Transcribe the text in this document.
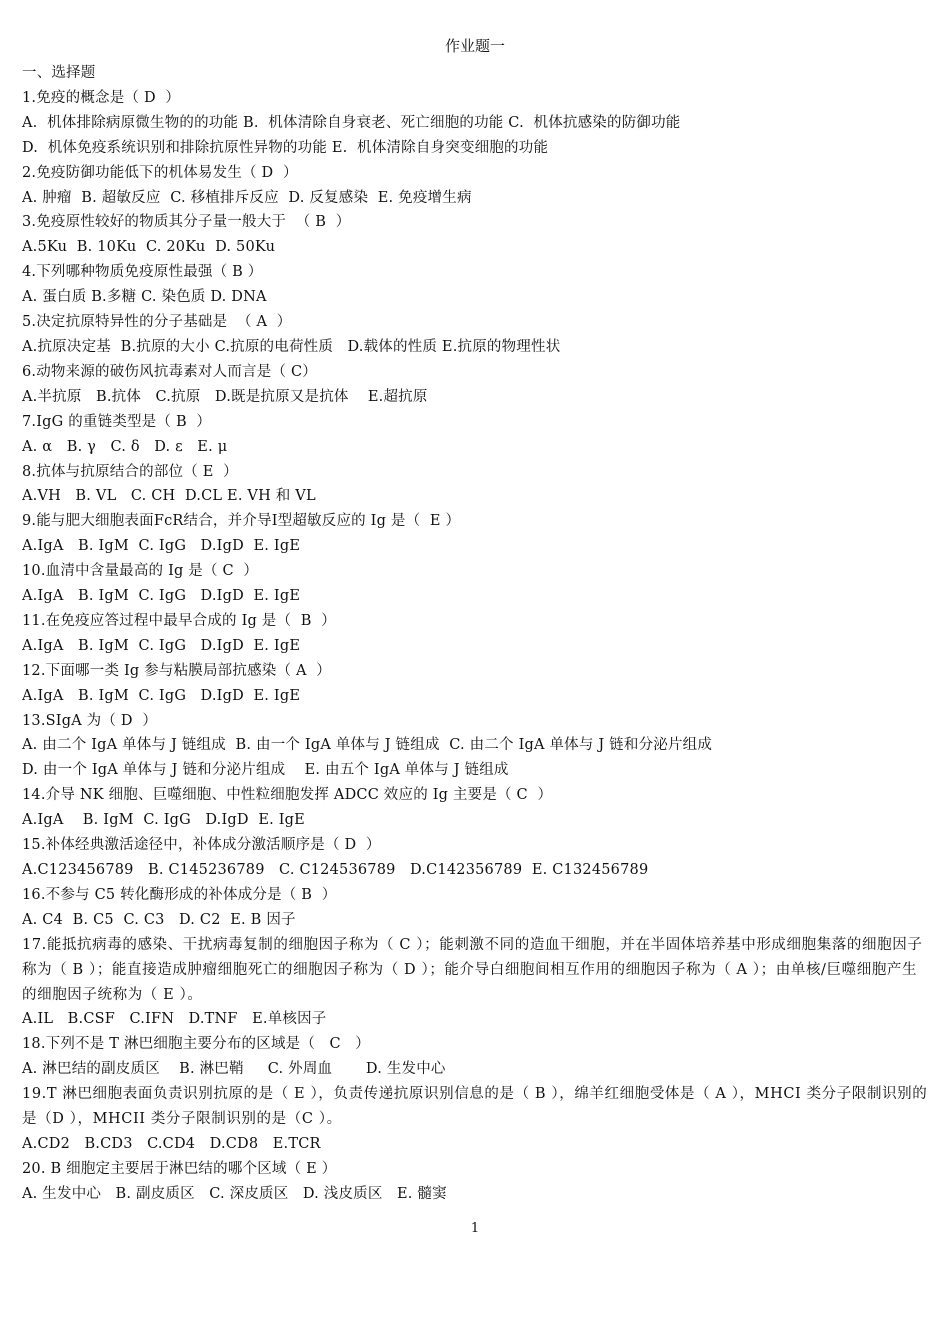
作业题一

一、选择题

1.免疫的概念是（ D  ）

A.  机体排除病原微生物的的功能 B.  机体清除自身衰老、死亡细胞的功能 C.  机体抗感染的防御功能

D.  机体免疫系统识别和排除抗原性异物的功能 E.  机体清除自身突变细胞的功能

2.免疫防御功能低下的机体易发生（ D  ）

A. 肿瘤  B. 超敏反应  C. 移植排斥反应  D. 反复感染  E. 免疫增生病

3.免疫原性较好的物质其分子量一般大于  （ B  ）

A.5Ku  B. 10Ku  C. 20Ku  D. 50Ku

4.下列哪种物质免疫原性最强（ B ）

A. 蛋白质 B.多糖 C. 染色质 D. DNA

5.决定抗原特异性的分子基础是  （ A  ）

A.抗原决定基  B.抗原的大小 C.抗原的电荷性质   D.载体的性质 E.抗原的物理性状

6.动物来源的破伤风抗毒素对人而言是（ C）

A.半抗原   B.抗体   C.抗原   D.既是抗原又是抗体    E.超抗原

7.IgG 的重链类型是（ B  ）

A. α   B. γ   C. δ   D. ε   E. μ

8.抗体与抗原结合的部位（ E  ）

A.VH   B. VL   C. CH  D.CL E. VH 和 VL

9.能与肥大细胞表面FcR结合，并介导Ⅰ型超敏反应的 Ig 是（  E ）

A.IgA   B. IgM  C. IgG   D.IgD  E. IgE

10.血清中含量最高的 Ig 是（ C  ）

A.IgA   B. IgM  C. IgG   D.IgD  E. IgE

11.在免疫应答过程中最早合成的 Ig 是（  B  ）

A.IgA   B. IgM  C. IgG   D.IgD  E. IgE

12.下面哪一类 Ig 参与粘膜局部抗感染（ A  ）

A.IgA   B. IgM  C. IgG   D.IgD  E. IgE

13.SIgA 为（ D  ）

A. 由二个 IgA 单体与 J 链组成  B. 由一个 IgA 单体与 J 链组成  C. 由二个 IgA 单体与 J 链和分泌片组成

D. 由一个 IgA 单体与 J 链和分泌片组成    E. 由五个 IgA 单体与 J 链组成

14.介导 NK 细胞、巨噬细胞、中性粒细胞发挥 ADCC 效应的 Ig 主要是（ C  ）

A.IgA    B. IgM  C. IgG   D.IgD  E. IgE

15.补体经典激活途径中，补体成分激活顺序是（ D  ）

A.C123456789   B. C145236789   C. C124536789   D.C142356789  E. C132456789

16.不参与 C5 转化酶形成的补体成分是（ B  ）

A. C4  B. C5  C. C3   D. C2  E. B 因子

17.能抵抗病毒的感染、干扰病毒复制的细胞因子称为（ C ）；能刺激不同的造血干细胞，并在半固体培养基中形成细胞集落的细胞因子称为（ B ）；能直接造成肿瘤细胞死亡的细胞因子称为（ D ）；能介导白细胞间相互作用的细胞因子称为（ A ）；由单核/巨噬细胞产生的细胞因子统称为（ E ）。

A.IL   B.CSF   C.IFN   D.TNF   E.单核因子

18.下列不是 T 淋巴细胞主要分布的区域是（   C   ）

A. 淋巴结的副皮质区    B. 淋巴鞘     C. 外周血       D. 生发中心

19.T 淋巴细胞表面负责识别抗原的是（ E ），负责传递抗原识别信息的是（ B ），绵羊红细胞受体是（ A ），MHCI 类分子限制识别的是（D ），MHCII 类分子限制识别的是（C ）。

A.CD2   B.CD3   C.CD4   D.CD8   E.TCR

20. B 细胞定主要居于淋巴结的哪个区域（ E ）

A. 生发中心   B. 副皮质区   C. 深皮质区   D. 浅皮质区   E. 髓窦

1
